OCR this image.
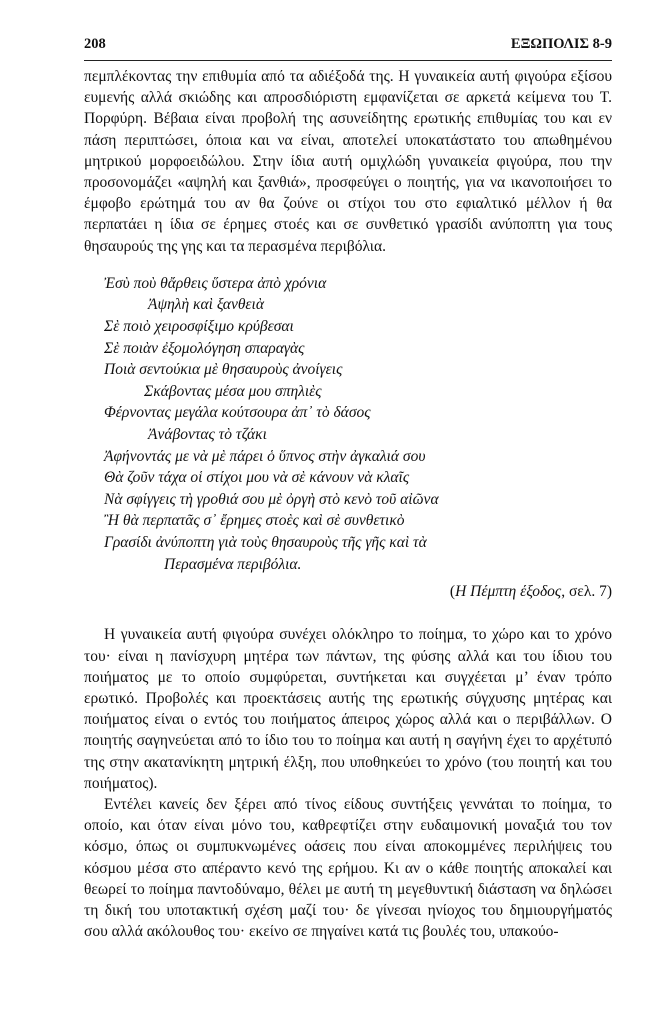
208	ΕΞΩΠΟΛΙΣ 8-9

πεμπλέκοντας την επιθυμία από τα αδιέξοδά της. Η γυναικεία αυτή φιγούρα εξίσου ευμενής αλλά σκιώδης και απροσδιόριστη εμφανίζεται σε αρκετά κείμενα του Τ. Πορφύρη. Βέβαια είναι προβολή της ασυνείδητης ερωτικής επιθυμίας του και εν πάση περιπτώσει, όποια και να είναι, αποτελεί υποκατάστατο του απωθημένου μητρικού μορφοειδώλου. Στην ίδια αυτή ομιχλώδη γυναικεία φιγούρα, που την προσονομάζει «αψηλή και ξανθιά», προσφεύγει ο ποιητής, για να ικανοποιήσει το έμφοβο ερώτημά του αν θα ζούνε οι στίχοι του στο εφιαλτικό μέλλον ή θα περπατάει η ίδια σε έρημες στοές και σε συνθετικό γρασίδι ανύποπτη για τους θησαυρούς της γης και τα περασμένα περιβόλια.

Ἐσὺ ποὺ θἄρθεις ὕστερα ἀπὸ χρόνια
Ἀψηλὴ καὶ ξανθειὰ
Σὲ ποιὸ χειροσφίξιμο κρύβεσαι
Σὲ ποιὰν ἐξομολόγηση σπαραγὰς
Ποιὰ σεντούκια μὲ θησαυροὺς ἀνοίγεις
Σκάβοντας μέσα μου σπηλιὲς
Φέρνοντας μεγάλα κούτσουρα ἀπ᾽ τὸ δάσος
Ἀνάβοντας τὸ τζάκι
Ἀφήνοντάς με νὰ μὲ πάρει ὁ ὕπνος στὴν ἀγκαλιά σου
Θὰ ζοῦν τάχα οἱ στίχοι μου νὰ σὲ κάνουν νὰ κλαῖς
Νὰ σφίγγεις τὴ γροθιά σου μὲ ὀργὴ στὸ κενὸ τοῦ αἰῶνα
Ἢ θὰ περπατᾶς σ᾽ ἔρημες στοὲς καὶ σὲ συνθετικὸ
Γρασίδι ἀνύποπτη γιὰ τοὺς θησαυροὺς τῆς γῆς καὶ τὰ
Περασμένα περιβόλια.
(Η Πέμπτη έξοδος, σελ. 7)

Η γυναικεία αυτή φιγούρα συνέχει ολόκληρο το ποίημα, το χώρο και το χρόνο του· είναι η πανίσχυρη μητέρα των πάντων, της φύσης αλλά και του ίδιου του ποιήματος με το οποίο συμφύρεται, συντήκεται και συγχέεται μ’ έναν τρόπο ερωτικό. Προβολές και προεκτάσεις αυτής της ερωτικής σύγχυσης μητέρας και ποιήματος είναι ο εντός του ποιήματος άπειρος χώρος αλλά και ο περιβάλλων. Ο ποιητής σαγηνεύεται από το ίδιο του το ποίημα και αυτή η σαγήνη έχει το αρχέτυπό της στην ακατανίκητη μητρική έλξη, που υποθηκεύει το χρόνο (του ποιητή και του ποιήματος).

Εντέλει κανείς δεν ξέρει από τίνος είδους συντήξεις γεννάται το ποίημα, το οποίο, και όταν είναι μόνο του, καθρεφτίζει στην ευδαιμονική μοναξιά του τον κόσμο, όπως οι συμπυκνωμένες οάσεις που είναι αποκομμένες περιλήψεις του κόσμου μέσα στο απέραντο κενό της ερήμου. Κι αν ο κάθε ποιητής αποκαλεί και θεωρεί το ποίημα παντοδύναμο, θέλει με αυτή τη μεγεθυντική διάσταση να δηλώσει τη δική του υποτακτική σχέση μαζί του· δε γίνεσαι ηνίοχος του δημιουργήματός σου αλλά ακόλουθος του· εκείνο σε πηγαίνει κατά τις βουλές του, υπακούο-
